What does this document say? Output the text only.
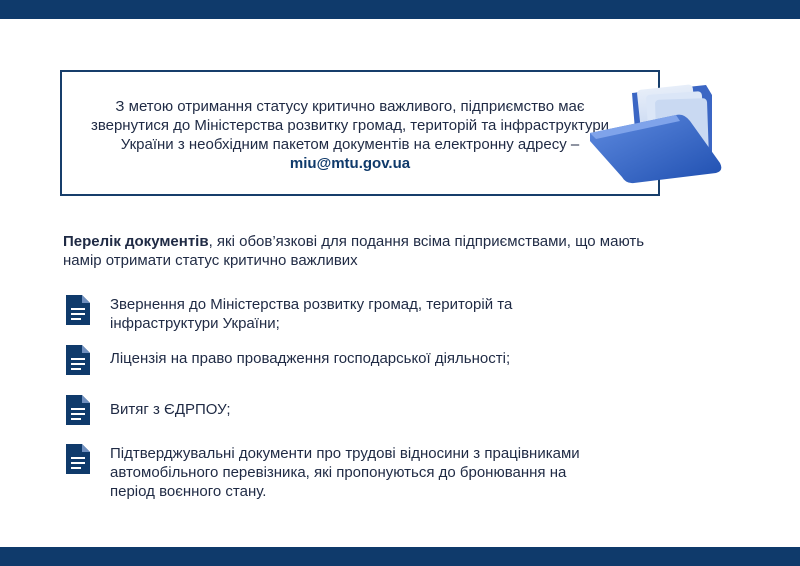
З метою отримання статусу критично важливого, підприємство має звернутися до Міністерства розвитку громад, територій та інфраструктури України з необхідним пакетом документів на електронну адресу – miu@mtu.gov.ua
Перелік документів, які обов’язкові для подання всіма підприємствами, що мають намір отримати статус критично важливих
Звернення до Міністерства розвитку громад, територій та інфраструктури України;
Ліцензія на право провадження господарської діяльності;
Витяг з ЄДРПОУ;
Підтверджувальні документи про трудові відносини з працівниками автомобільного перевізника, які пропонуються до бронювання на період воєнного стану.
